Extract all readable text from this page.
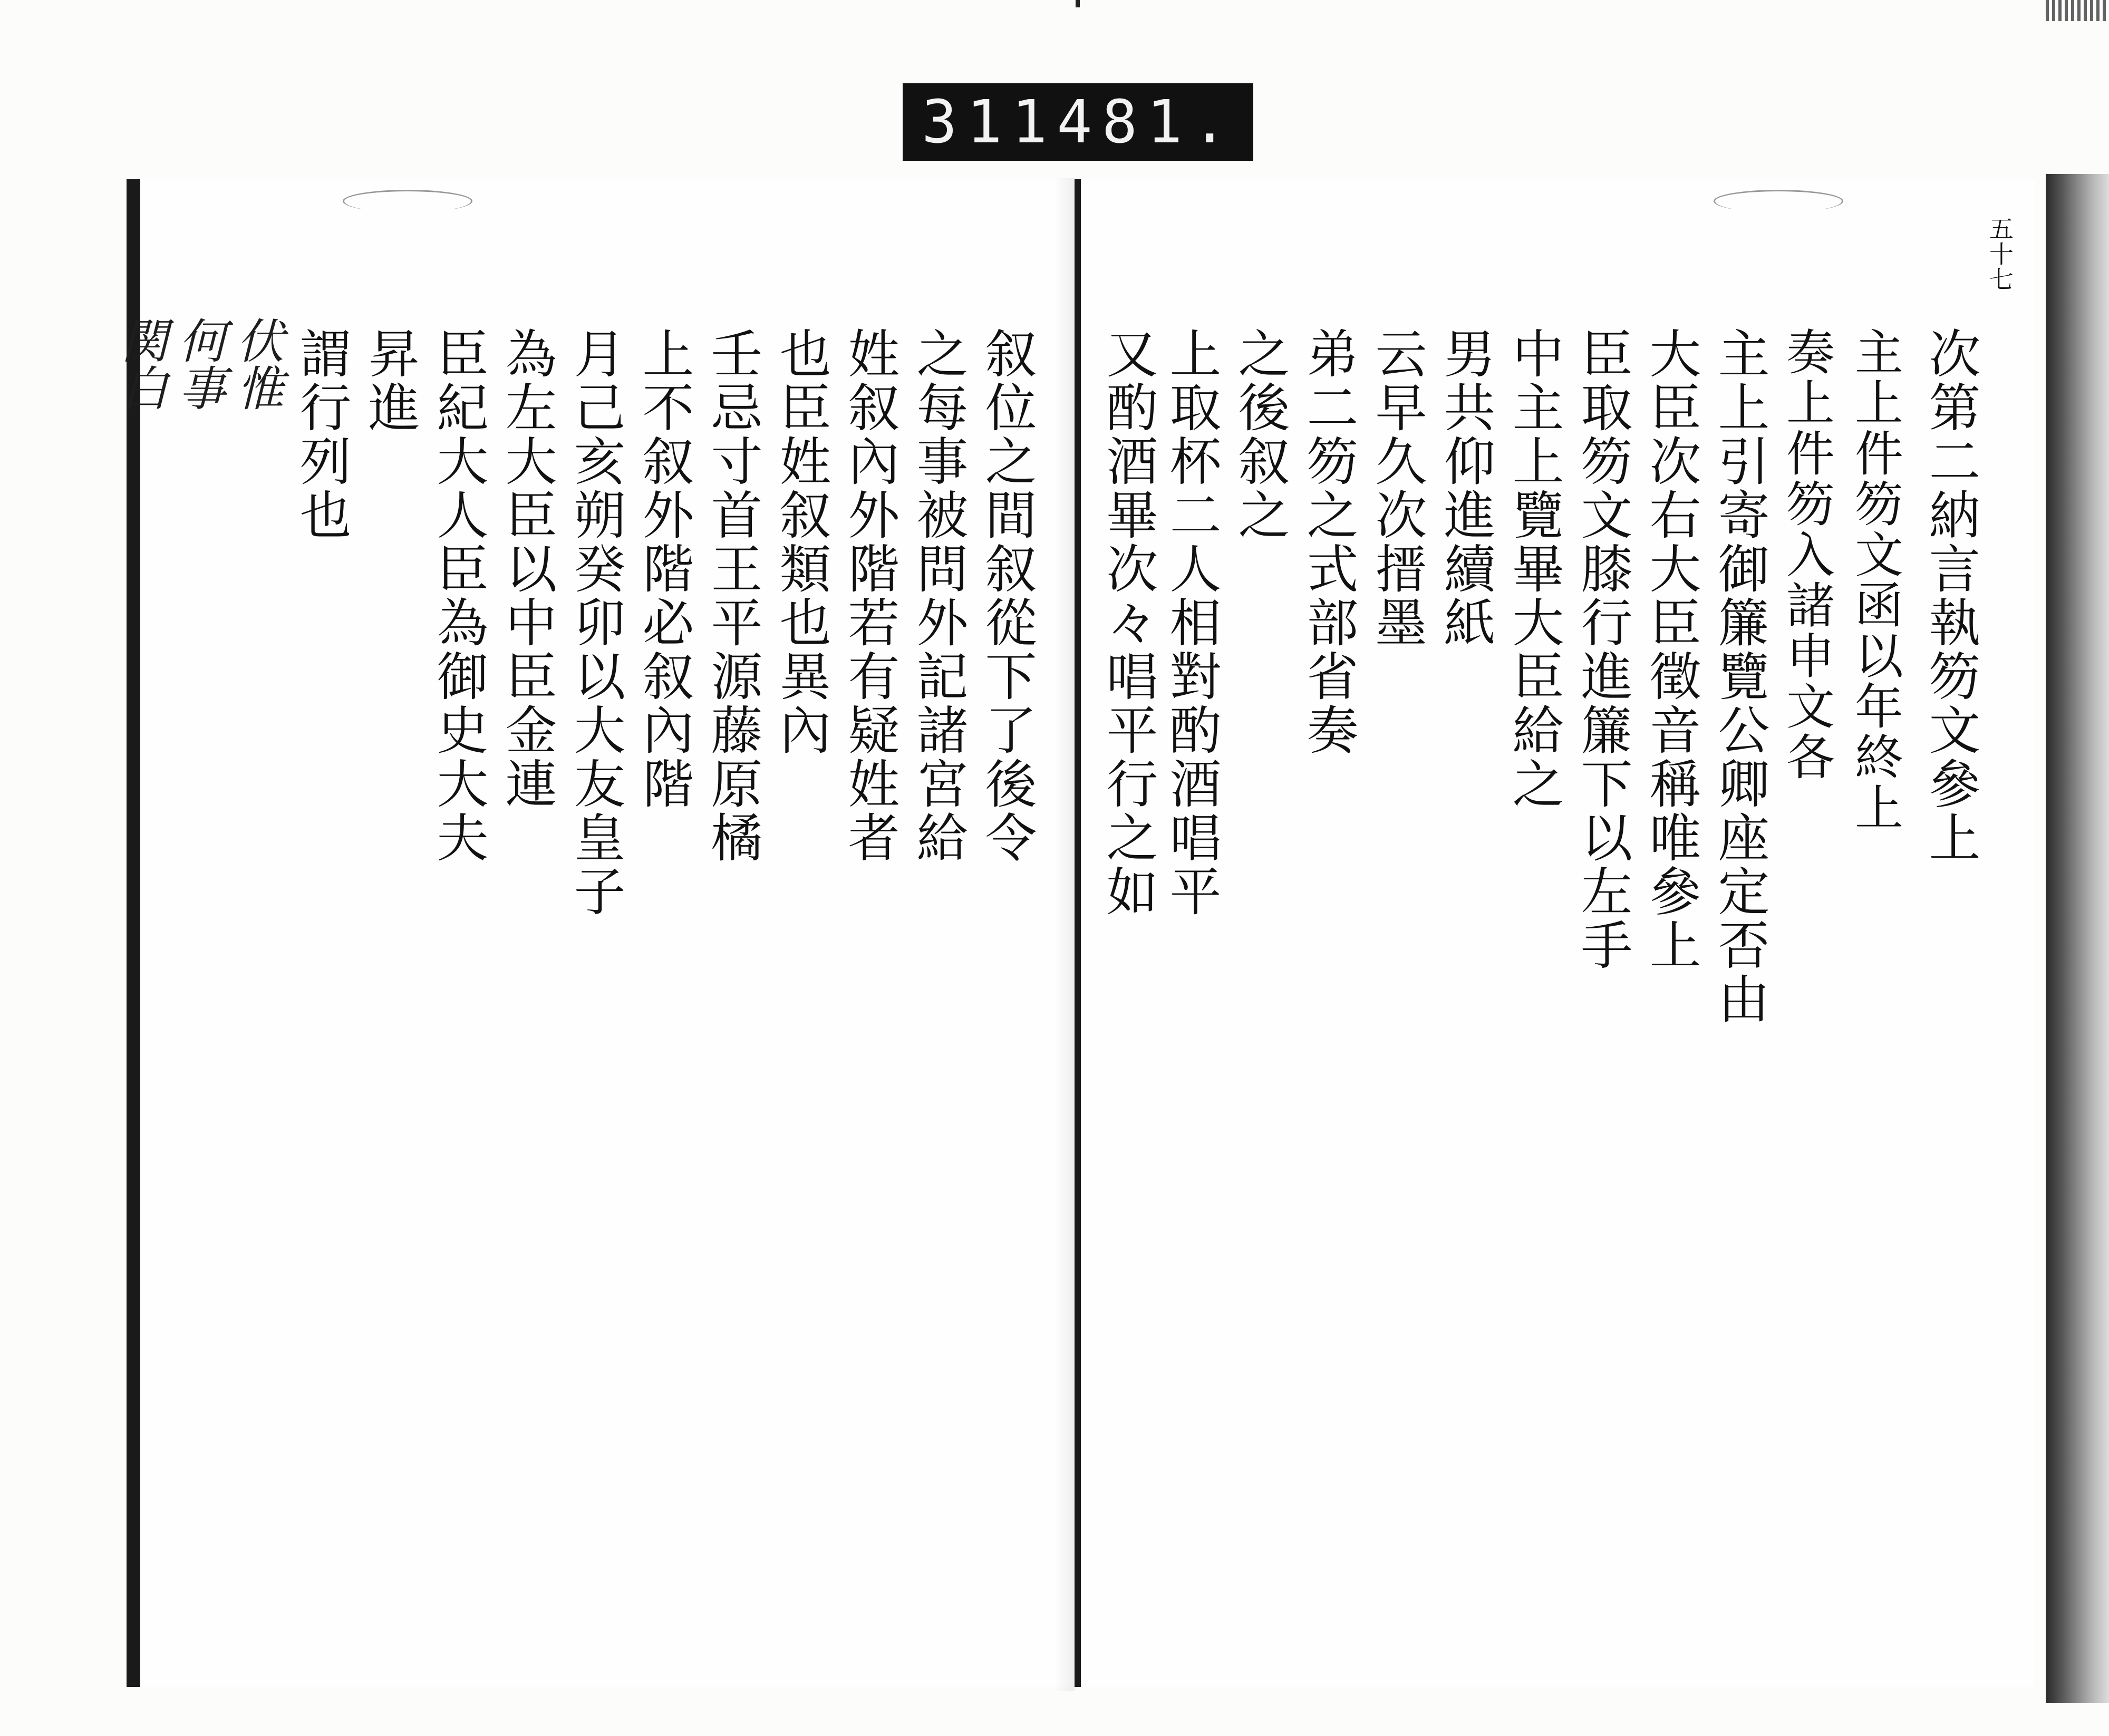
311 481.
五十七
次第二納言執笏文參上
主上件笏文函以年終上
奏上件笏入諸申文各
主上引寄御簾覽公卿座定否由
大臣次右大臣徵音稱唯參上
臣取笏文膝行進簾下以左手
中主上覽畢大臣給之
男共仰進續紙
云早久次搢墨
弟二笏之式部省奏
之後叙之
上取杯二人相對酌酒唱平
又酌酒畢次々唱平行之如
叙位之間叙從下了後令
之每事被問外記諸宮給
姓叙內外階若有疑姓者
也臣姓叙類也異內
壬忌寸首王平源藤原橘
上不叙外階必叙內階
月己亥朔癸卯以大友皇子
為左大臣以中臣金連
臣紀大人臣為御史大夫
昇進
謂行列也
伏惟
何事
関白
